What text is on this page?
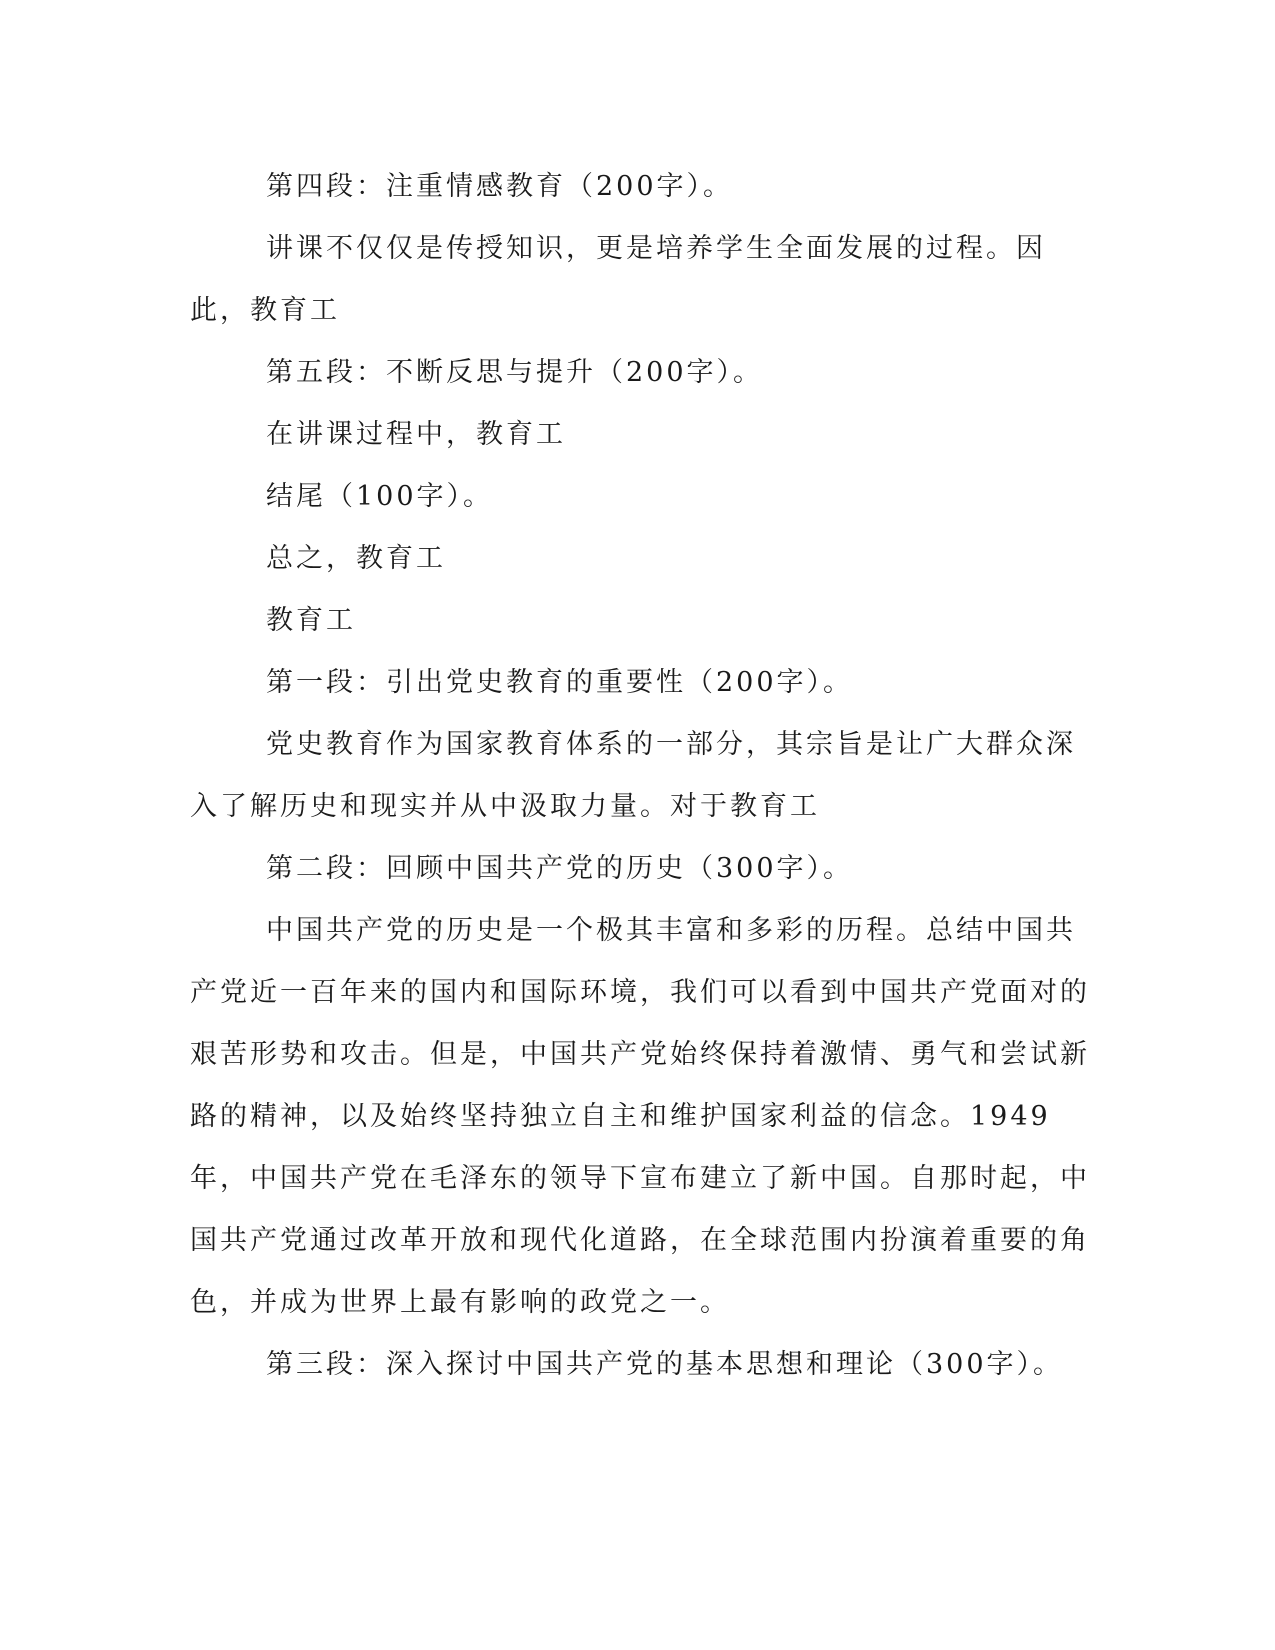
第四段：注重情感教育（200字）。

讲课不仅仅是传授知识，更是培养学生全面发展的过程。因此，教育工

第五段：不断反思与提升（200字）。

在讲课过程中，教育工

结尾（100字）。

总之，教育工

教育工

第一段：引出党史教育的重要性（200字）。

党史教育作为国家教育体系的一部分，其宗旨是让广大群众深入了解历史和现实并从中汲取力量。对于教育工

第二段：回顾中国共产党的历史（300字）。

中国共产党的历史是一个极其丰富和多彩的历程。总结中国共产党近一百年来的国内和国际环境，我们可以看到中国共产党面对的艰苦形势和攻击。但是，中国共产党始终保持着激情、勇气和尝试新路的精神，以及始终坚持独立自主和维护国家利益的信念。1949年，中国共产党在毛泽东的领导下宣布建立了新中国。自那时起，中国共产党通过改革开放和现代化道路，在全球范围内扮演着重要的角色，并成为世界上最有影响的政党之一。

第三段：深入探讨中国共产党的基本思想和理论（300字）。
